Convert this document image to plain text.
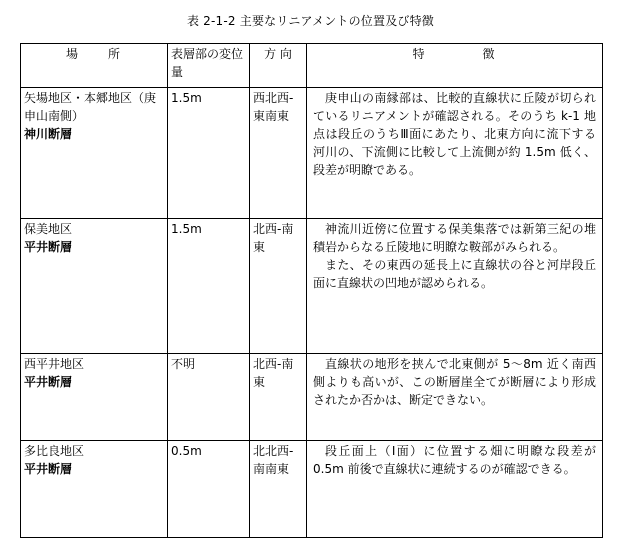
表 2-1-2 主要なリニアメントの位置及び特徴
場　　所	表層部の変位量	方 向	特　　　　徴

矢場地区・本郷地区（庚申山南側）
神川断層	1.5m	西北西-東南東	庚申山の南縁部は、比較的直線状に丘陵が切られているリニアメントが確認される。そのうち k-1 地点は段丘のうちⅢ面にあたり、北東方向に流下する河川の、下流側に比較して上流側が約 1.5m 低く、段差が明瞭である。

保美地区
平井断層	1.5m	北西-南東	神流川近傍に位置する保美集落では新第三紀の堆積岩からなる丘陵地に明瞭な鞍部がみられる。
また、その東西の延長上に直線状の谷と河岸段丘面に直線状の凹地が認められる。

西平井地区
平井断層	不明	北西-南東	直線状の地形を挟んで北東側が 5～8m 近く南西側よりも高いが、この断層崖全てが断層により形成されたか否かは、断定できない。

多比良地区
平井断層	0.5m	北北西-南南東	段丘面上（Ⅰ面）に位置する畑に明瞭な段差が 0.5m 前後で直線状に連続するのが確認できる。
